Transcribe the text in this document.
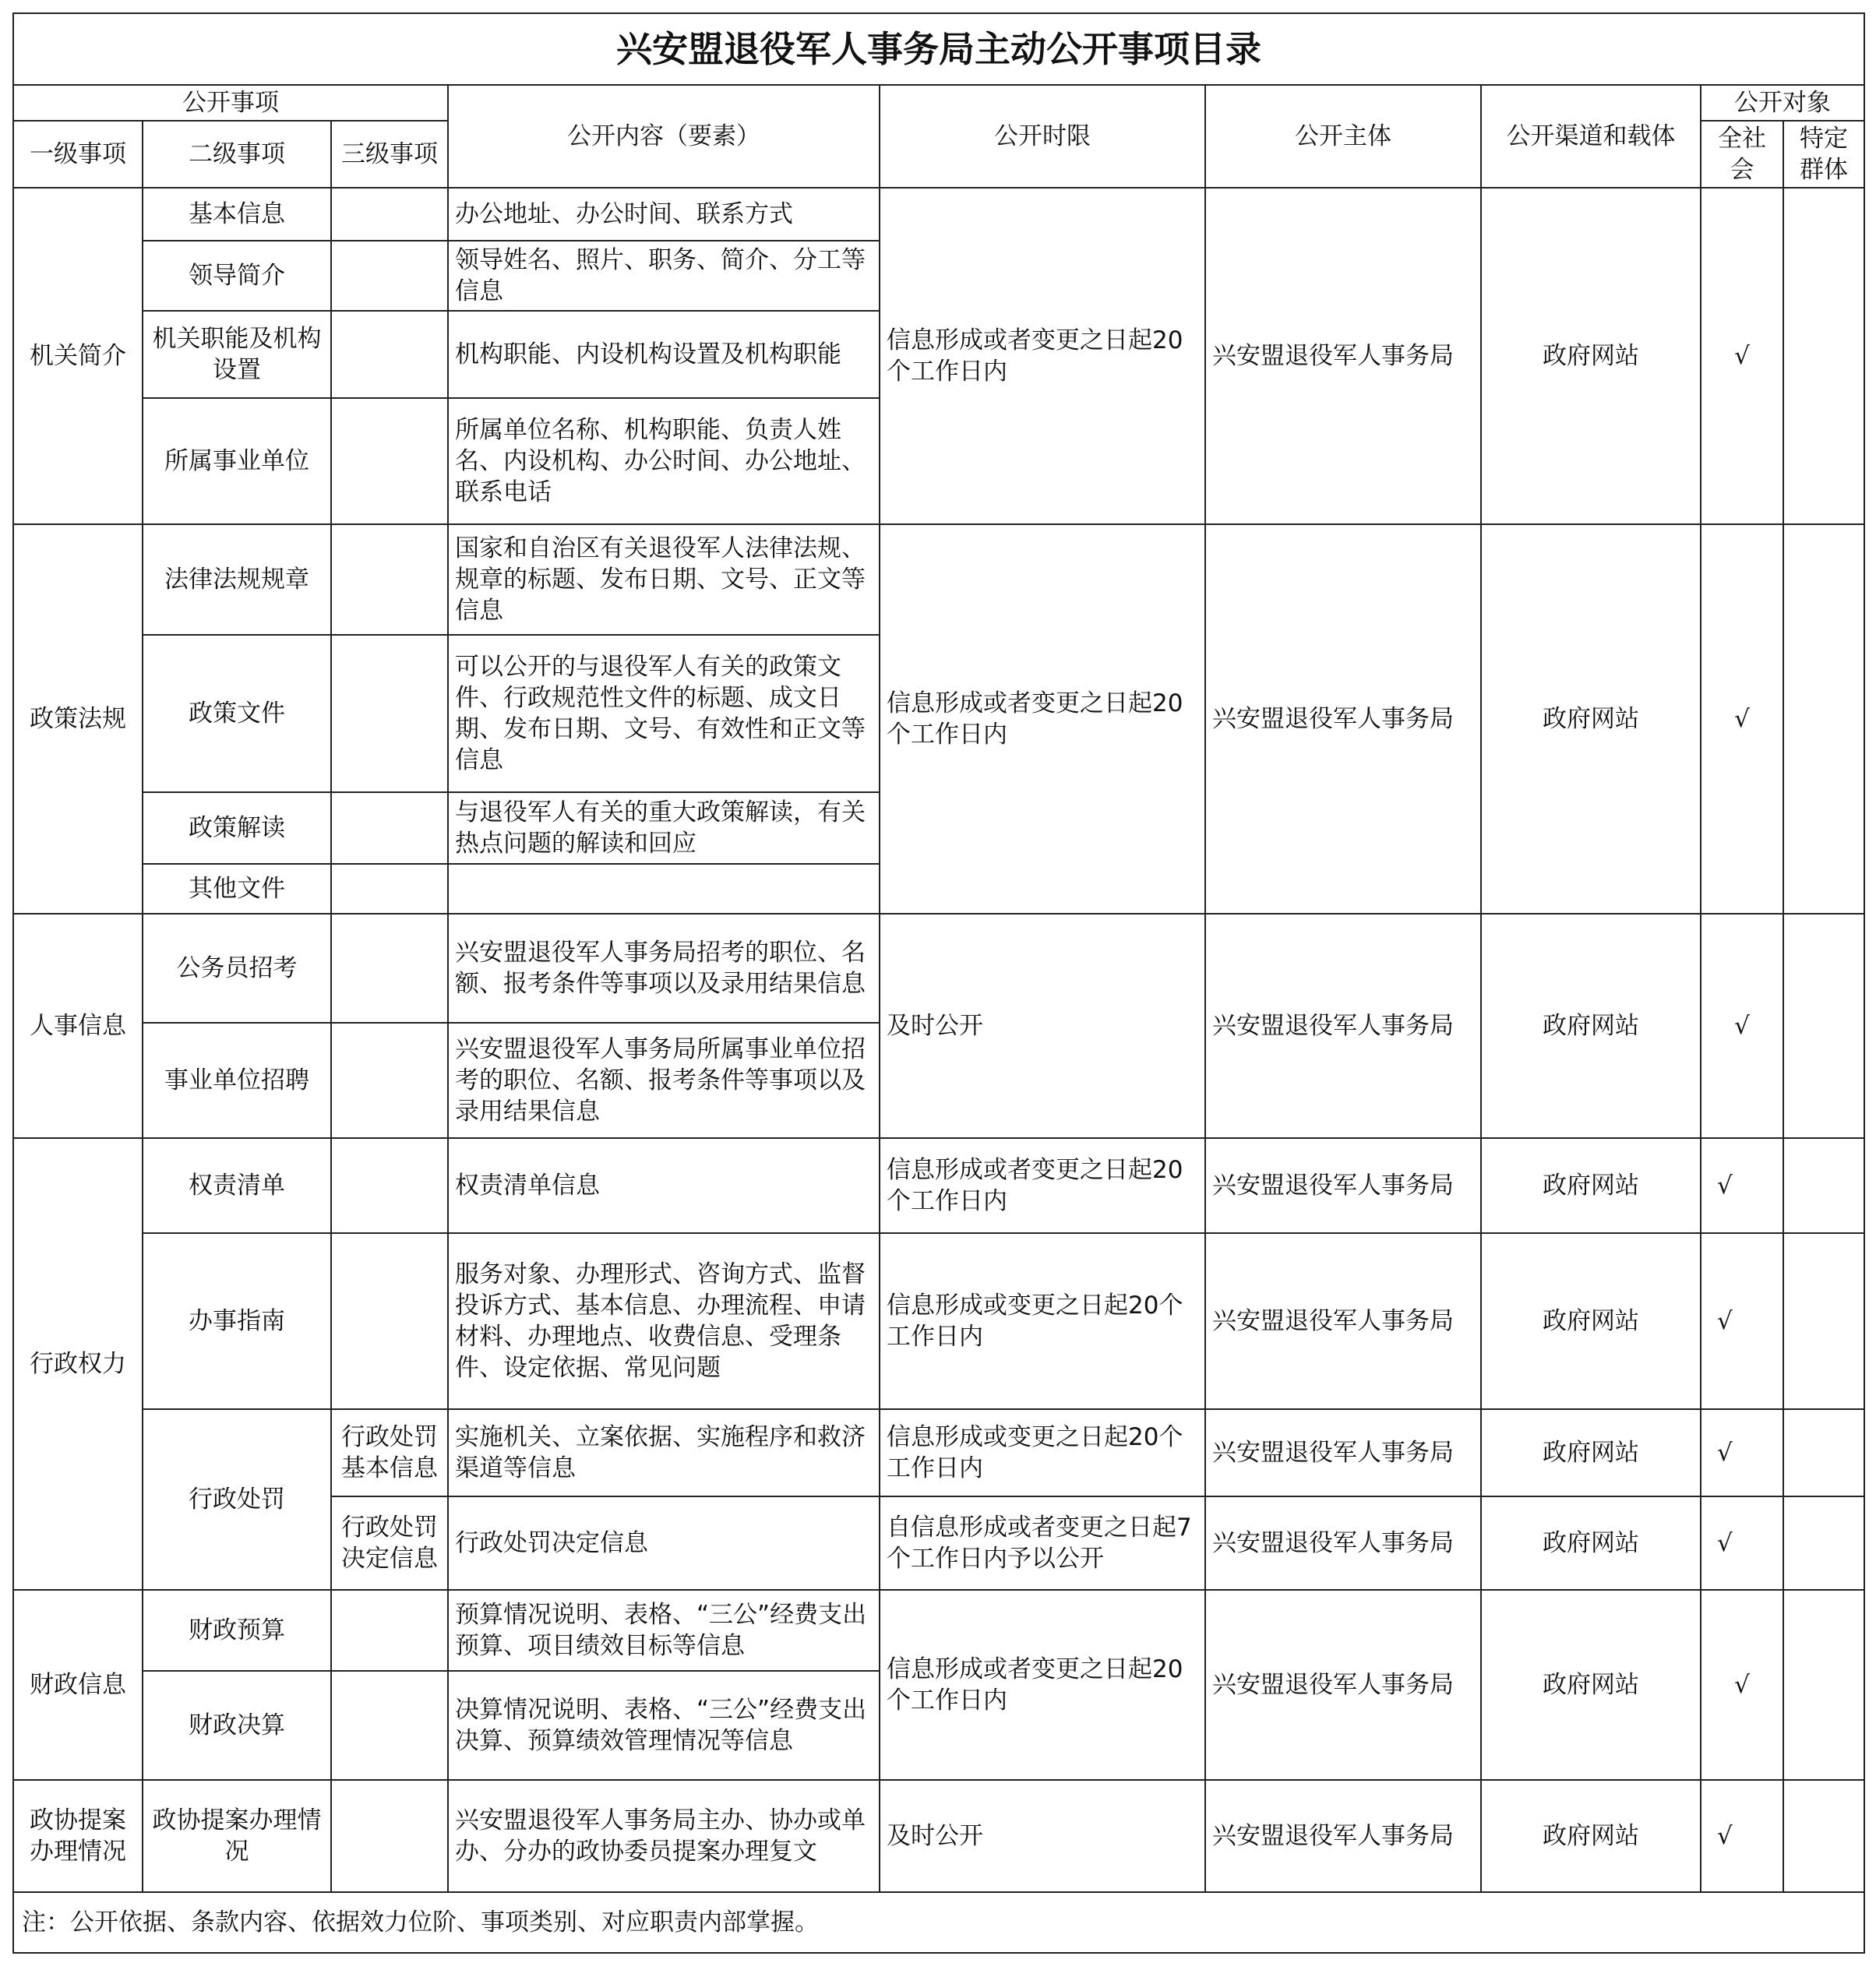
兴安盟退役军人事务局主动公开事项目录								
公开事项			公开内容（要素）	公开时限	公开主体	公开渠道和载体	公开对象	
一级事项	二级事项	三级事项					全社会	特定群体
机关简介	基本信息		办公地址、办公时间、联系方式	信息形成或者变更之日起20个工作日内	兴安盟退役军人事务局	政府网站	√	
	领导简介		领导姓名、照片、职务、简介、分工等信息					
	机关职能及机构设置		机构职能、内设机构设置及机构职能					
	所属事业单位		所属单位名称、机构职能、负责人姓名、内设机构、办公时间、办公地址、联系电话					
政策法规	法律法规规章		国家和自治区有关退役军人法律法规、规章的标题、发布日期、文号、正文等信息	信息形成或者变更之日起20个工作日内	兴安盟退役军人事务局	政府网站	√	
	政策文件		可以公开的与退役军人有关的政策文件、行政规范性文件的标题、成文日期、发布日期、文号、有效性和正文等信息					
	政策解读		与退役军人有关的重大政策解读，有关热点问题的解读和回应					
	其他文件							
人事信息	公务员招考		兴安盟退役军人事务局招考的职位、名额、报考条件等事项以及录用结果信息	及时公开	兴安盟退役军人事务局	政府网站	√	
	事业单位招聘		兴安盟退役军人事务局所属事业单位招考的职位、名额、报考条件等事项以及录用结果信息					
行政权力	权责清单		权责清单信息	信息形成或者变更之日起20个工作日内	兴安盟退役军人事务局	政府网站	√	
	办事指南		服务对象、办理形式、咨询方式、监督投诉方式、基本信息、办理流程、申请材料、办理地点、收费信息、受理条件、设定依据、常见问题	信息形成或变更之日起20个工作日内	兴安盟退役军人事务局	政府网站	√	
	行政处罚	行政处罚基本信息	实施机关、立案依据、实施程序和救济渠道等信息	信息形成或变更之日起20个工作日内	兴安盟退役军人事务局	政府网站	√	
		行政处罚决定信息	行政处罚决定信息	自信息形成或者变更之日起7个工作日内予以公开	兴安盟退役军人事务局	政府网站	√	
财政信息	财政预算		预算情况说明、表格、“三公”经费支出预算、项目绩效目标等信息	信息形成或者变更之日起20个工作日内	兴安盟退役军人事务局	政府网站	√	
	财政决算		决算情况说明、表格、“三公”经费支出决算、预算绩效管理情况等信息					
政协提案办理情况	政协提案办理情况		兴安盟退役军人事务局主办、协办或单办、分办的政协委员提案办理复文	及时公开	兴安盟退役军人事务局	政府网站	√	
注：公开依据、条款内容、依据效力位阶、事项类别、对应职责内部掌握。								
